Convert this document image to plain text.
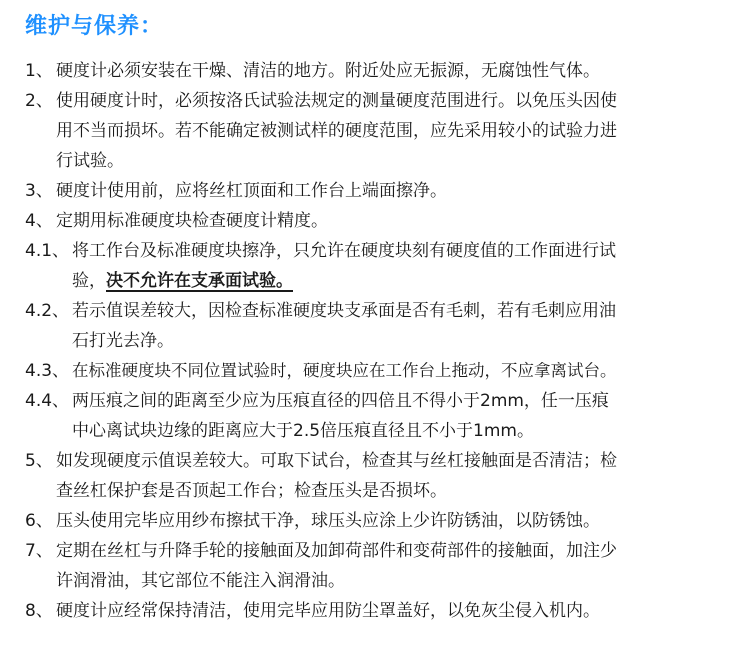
维护与保养：
1、 硬度计必须安装在干燥、清洁的地方。附近处应无振源，无腐蚀性气体。
2、 使用硬度计时，必须按洛氏试验法规定的测量硬度范围进行。以免压头因使
用不当而损坏。若不能确定被测试样的硬度范围，应先采用较小的试验力进
行试验。
3、 硬度计使用前，应将丝杠顶面和工作台上端面擦净。
4、 定期用标准硬度块检查硬度计精度。
4.1、 将工作台及标准硬度块擦净，只允许在硬度块刻有硬度值的工作面进行试
验，决不允许在支承面试验。
4.2、 若示值误差较大，因检查标准硬度块支承面是否有毛刺，若有毛刺应用油
石打光去净。
4.3、 在标准硬度块不同位置试验时，硬度块应在工作台上拖动，不应拿离试台。
4.4、 两压痕之间的距离至少应为压痕直径的四倍且不得小于2mm，任一压痕
中心离试块边缘的距离应大于2.5倍压痕直径且不小于1mm。
5、 如发现硬度示值误差较大。可取下试台，检查其与丝杠接触面是否清洁；检
查丝杠保护套是否顶起工作台；检查压头是否损坏。
6、 压头使用完毕应用纱布擦拭干净，球压头应涂上少许防锈油，以防锈蚀。
7、 定期在丝杠与升降手轮的接触面及加卸荷部件和变荷部件的接触面，加注少
许润滑油，其它部位不能注入润滑油。
8、 硬度计应经常保持清洁，使用完毕应用防尘罩盖好，以免灰尘侵入机内。
